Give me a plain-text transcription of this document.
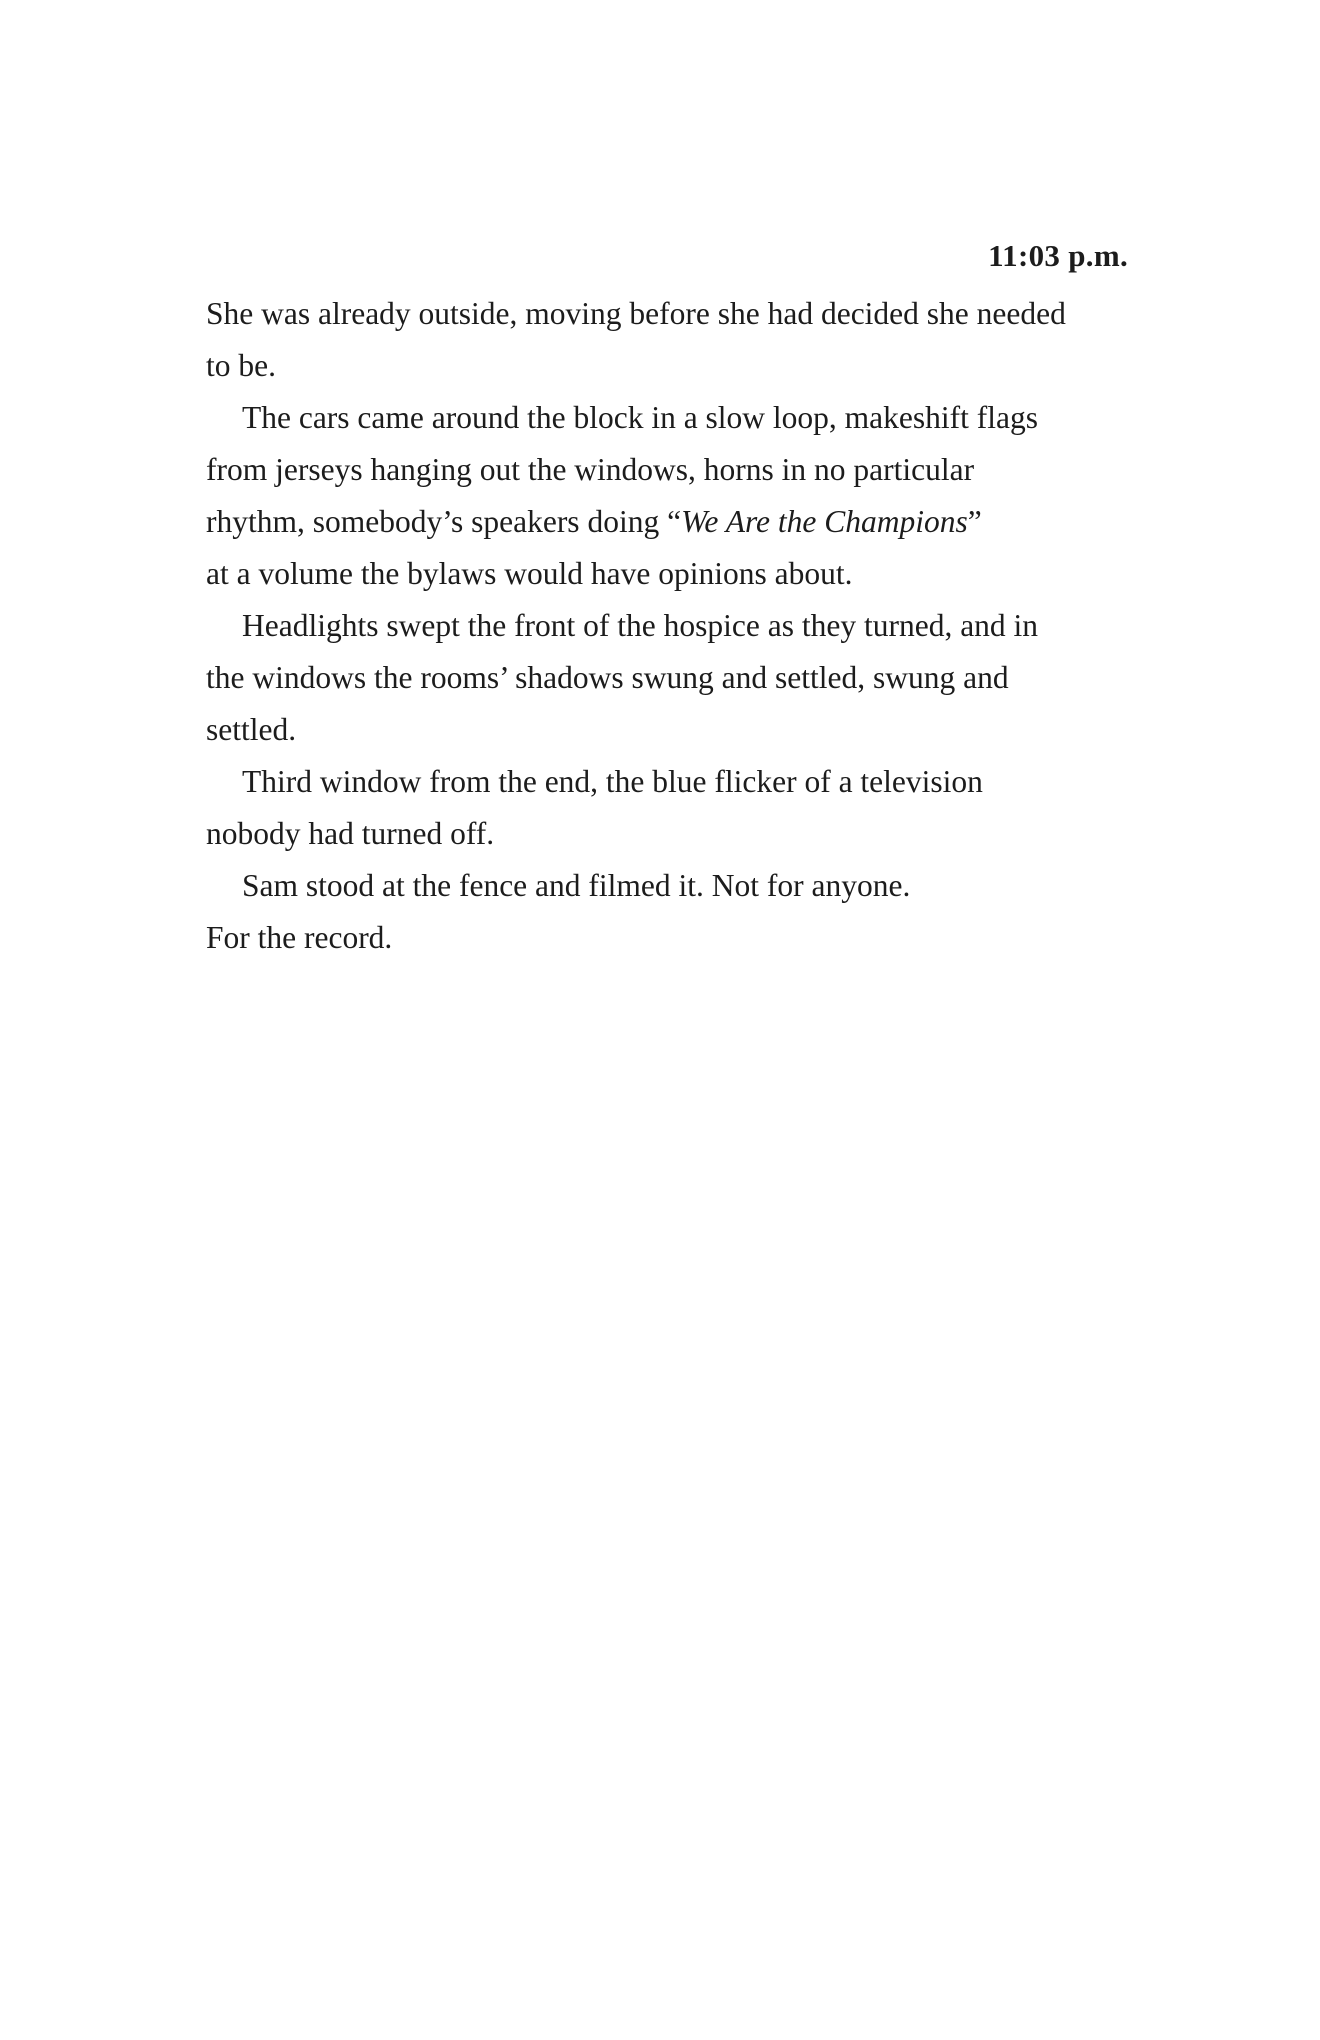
11:03 p.m.
She was already outside, moving before she had decided she needed
to be.
The cars came around the block in a slow loop, makeshift flags
from jerseys hanging out the windows, horns in no particular
rhythm, somebody’s speakers doing “We Are the Champions”
at a volume the bylaws would have opinions about.
Headlights swept the front of the hospice as they turned, and in
the windows the rooms’ shadows swung and settled, swung and
settled.
Third window from the end, the blue flicker of a television
nobody had turned off.
Sam stood at the fence and filmed it. Not for anyone.
For the record.
